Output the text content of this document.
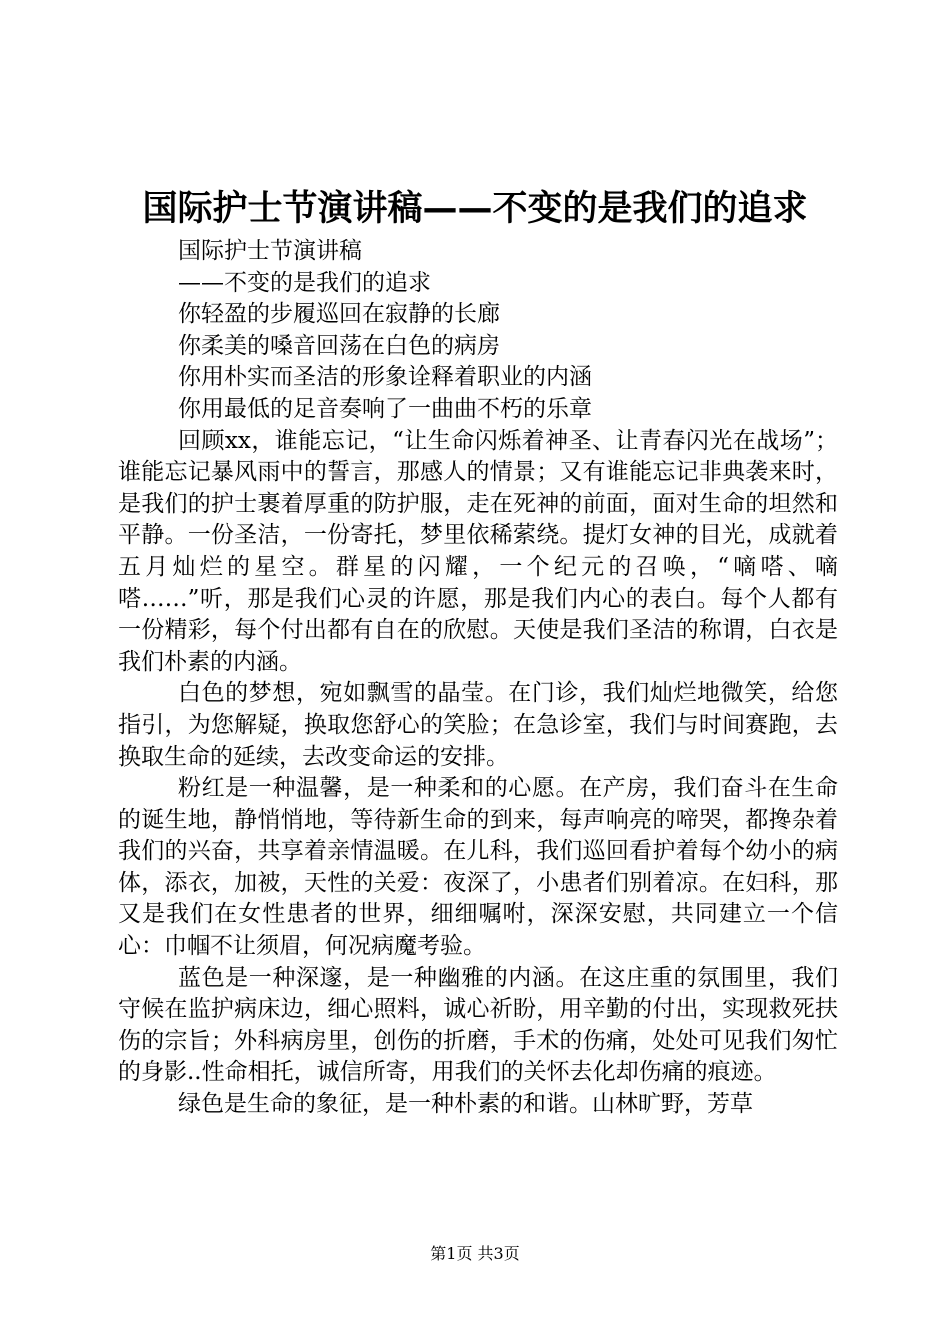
国际护士节演讲稿——不变的是我们的追求

国际护士节演讲稿

——不变的是我们的追求

你轻盈的步履巡回在寂静的长廊

你柔美的嗓音回荡在白色的病房

你用朴实而圣洁的形象诠释着职业的内涵

你用最低的足音奏响了一曲曲不朽的乐章

回顾xx，谁能忘记，“让生命闪烁着神圣、让青春闪光在战场”；谁能忘记暴风雨中的誓言，那感人的情景；又有谁能忘记非典袭来时，是我们的护士裹着厚重的防护服，走在死神的前面，面对生命的坦然和平静。一份圣洁，一份寄托，梦里依稀萦绕。提灯女神的目光，成就着五月灿烂的星空。群星的闪耀，一个纪元的召唤，“嘀嗒、嘀嗒……”听，那是我们心灵的许愿，那是我们内心的表白。每个人都有一份精彩，每个付出都有自在的欣慰。天使是我们圣洁的称谓，白衣是我们朴素的内涵。

白色的梦想，宛如飘雪的晶莹。在门诊，我们灿烂地微笑，给您指引，为您解疑，换取您舒心的笑脸；在急诊室，我们与时间赛跑，去换取生命的延续，去改变命运的安排。

粉红是一种温馨，是一种柔和的心愿。在产房，我们奋斗在生命的诞生地，静悄悄地，等待新生命的到来，每声响亮的啼哭，都搀杂着我们的兴奋，共享着亲情温暖。在儿科，我们巡回看护着每个幼小的病体，添衣，加被，天性的关爱：夜深了，小患者们别着凉。在妇科，那又是我们在女性患者的世界，细细嘱咐，深深安慰，共同建立一个信心：巾帼不让须眉，何况病魔考验。

蓝色是一种深邃，是一种幽雅的内涵。在这庄重的氛围里，我们守候在监护病床边，细心照料，诚心祈盼，用辛勤的付出，实现救死扶伤的宗旨；外科病房里，创伤的折磨，手术的伤痛，处处可见我们匆忙的身影..性命相托，诚信所寄，用我们的关怀去化却伤痛的痕迹。

绿色是生命的象征，是一种朴素的和谐。山林旷野，芳草

第1页 共3页
